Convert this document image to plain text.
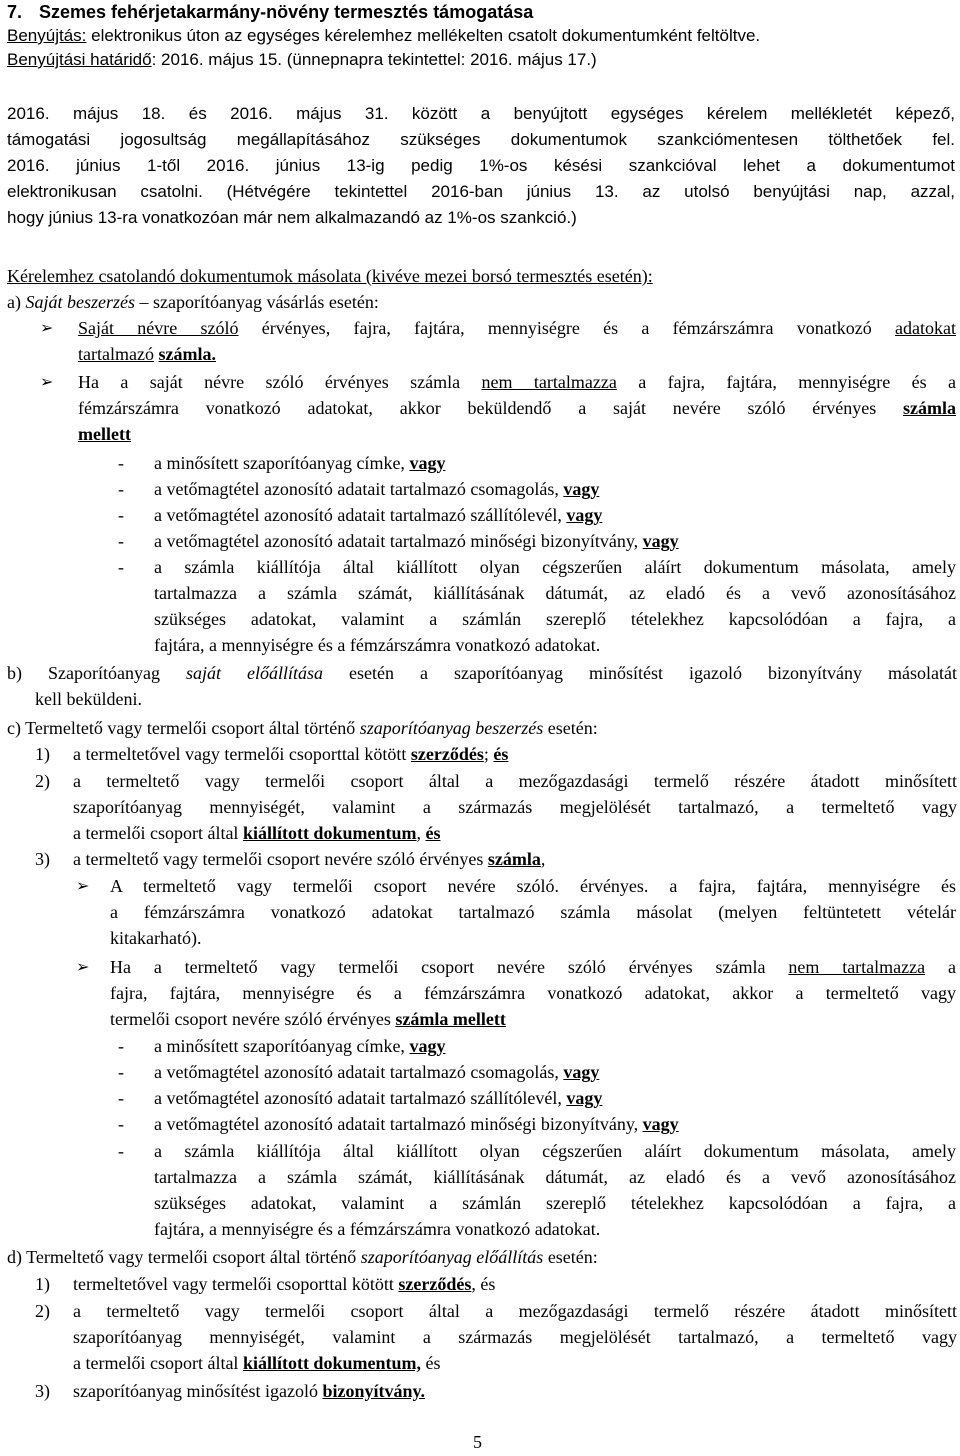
7. Szemes fehérjetakarmány-növény termesztés támogatása
Benyújtás: elektronikus úton az egységes kérelemhez mellékelten csatolt dokumentumként feltöltve.
Benyújtási határidő: 2016. május 15. (ünnepnapra tekintettel: 2016. május 17.)
2016. május 18. és 2016. május 31. között a benyújtott egységes kérelem mellékletét képező,
támogatási jogosultság megállapításához szükséges dokumentumok szankciómentesen tölthetőek fel.
2016. június 1-től 2016. június 13-ig pedig 1%-os késési szankcióval lehet a dokumentumot
elektronikusan csatolni. (Hétvégére tekintettel 2016-ban június 13. az utolsó benyújtási nap, azzal,
hogy június 13-ra vonatkozóan már nem alkalmazandó az 1%-os szankció.)
Kérelemhez csatolandó dokumentumok másolata (kivéve mezei borsó termesztés esetén):
a) Saját beszerzés – szaporítóanyag vásárlás esetén:
➢ Saját névre szóló érvényes, fajra, fajtára, mennyiségre és a fémzárszámra vonatkozó adatokat
tartalmazó számla.
➢ Ha a saját névre szóló érvényes számla nem tartalmazza a fajra, fajtára, mennyiségre és a
fémzárszámra vonatkozó adatokat, akkor beküldendő a saját nevére szóló érvényes számla
mellett
-	a minősített szaporítóanyag címke, vagy
-	a vetőmagtétel azonosító adatait tartalmazó csomagolás, vagy
-	a vetőmagtétel azonosító adatait tartalmazó szállítólevél, vagy
-	a vetőmagtétel azonosító adatait tartalmazó minőségi bizonyítvány, vagy
-	a számla kiállítója által kiállított olyan cégszerűen aláírt dokumentum másolata, amely
tartalmazza a számla számát, kiállításának dátumát, az eladó és a vevő azonosításához
szükséges adatokat, valamint a számlán szereplő tételekhez kapcsolódóan a fajra, a
fajtára, a mennyiségre és a fémzárszámra vonatkozó adatokat.
b) Szaporítóanyag saját előállítása esetén a szaporítóanyag minősítést igazoló bizonyítvány másolatát
kell beküldeni.
c) Termeltető vagy termelői csoport által történő szaporítóanyag beszerzés esetén:
1) a termeltetővel vagy termelői csoporttal kötött szerződés; és
2) a termeltető vagy termelői csoport által a mezőgazdasági termelő részére átadott minősített
szaporítóanyag mennyiségét, valamint a származás megjelölését tartalmazó, a termeltető vagy
a termelői csoport által kiállított dokumentum, és
3) a termeltető vagy termelői csoport nevére szóló érvényes számla,
➢ A termeltető vagy termelői csoport nevére szóló. érvényes. a fajra, fajtára, mennyiségre és
a fémzárszámra vonatkozó adatokat tartalmazó számla másolat (melyen feltüntetett vételár
kitakarható).
➢ Ha a termeltető vagy termelői csoport nevére szóló érvényes számla nem tartalmazza a
fajra, fajtára, mennyiségre és a fémzárszámra vonatkozó adatokat, akkor a termeltető vagy
termelői csoport nevére szóló érvényes számla mellett
-	a minősített szaporítóanyag címke, vagy
-	a vetőmagtétel azonosító adatait tartalmazó csomagolás, vagy
-	a vetőmagtétel azonosító adatait tartalmazó szállítólevél, vagy
-	a vetőmagtétel azonosító adatait tartalmazó minőségi bizonyítvány, vagy
-	a számla kiállítója által kiállított olyan cégszerűen aláírt dokumentum másolata, amely
tartalmazza a számla számát, kiállításának dátumát, az eladó és a vevő azonosításához
szükséges adatokat, valamint a számlán szereplő tételekhez kapcsolódóan a fajra, a
fajtára, a mennyiségre és a fémzárszámra vonatkozó adatokat.
d) Termeltető vagy termelői csoport által történő szaporítóanyag előállítás esetén:
1) termeltetővel vagy termelői csoporttal kötött szerződés, és
2) a termeltető vagy termelői csoport által a mezőgazdasági termelő részére átadott minősített
szaporítóanyag mennyiségét, valamint a származás megjelölését tartalmazó, a termeltető vagy
a termelői csoport által kiállított dokumentum, és
3) szaporítóanyag minősítést igazoló bizonyítvány.
5
